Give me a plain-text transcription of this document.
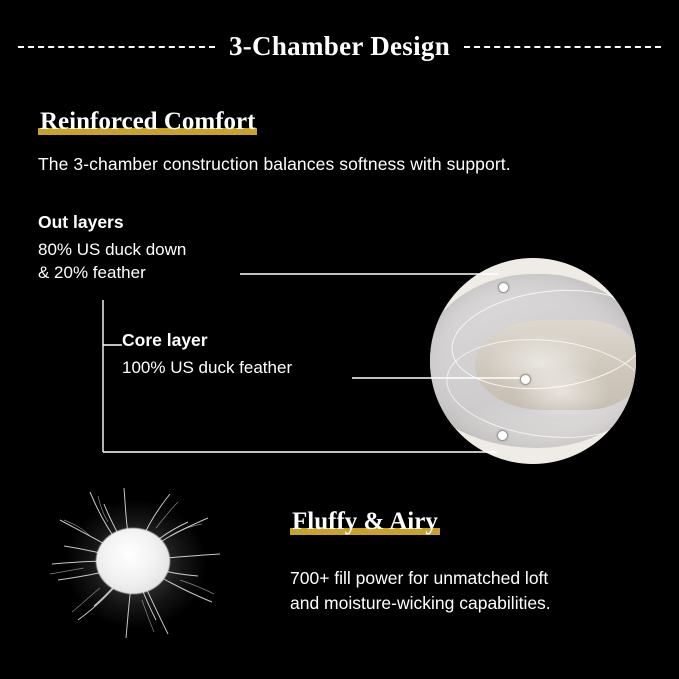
3-Chamber Design
Reinforced Comfort
The 3-chamber construction balances softness with support.
Out layers
80% US duck down
& 20% feather
Core layer
100% US duck feather
Fluffy & Airy
700+ fill power for unmatched loft
and moisture-wicking capabilities.
